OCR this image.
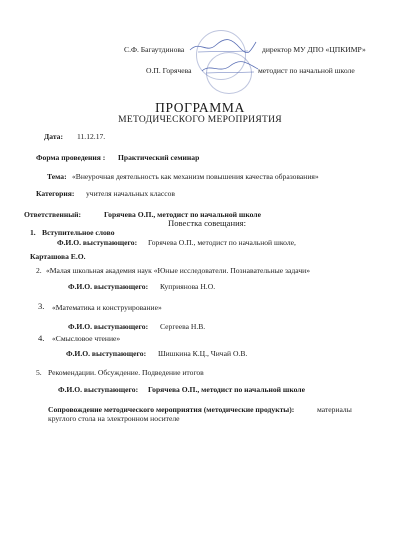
С.Ф. Багаутдинова	директор МУ ДПО «ЦПКИМР»
О.П. Горячева	методист по начальной школе
ПРОГРАММА
МЕТОДИЧЕСКОГО МЕРОПРИЯТИЯ
Дата: 11.12.17.
Форма проведения : Практический семинар
Тема: «Внеурочная деятельность как механизм повышения качества образования»
Категория: учителя начальных классов
Ответственный:	Горячева О.П., методист по начальной школе
Повестка совещания:
1. Вступительное слово
Ф.И.О. выступающего: Горячева О.П., методист по начальной школе,
Карташова Е.О.
2. «Малая школьная академия наук «Юные исследователи. Познавательные задачи»
Ф.И.О. выступающего: Куприянова Н.О.
3. «Математика и конструирование»
Ф.И.О. выступающего: Сергеева Н.В.
4. «Смысловое чтение»
Ф.И.О. выступающего: Шишкина К.Ц., Чичай О.В.
5. Рекомендации. Обсуждение. Подведение итогов
Ф.И.О. выступающего: Горячева О.П., методист по начальной школе
Сопровождение методического мероприятия (методические продукты):	материалы
круглого стола на электронном носителе
